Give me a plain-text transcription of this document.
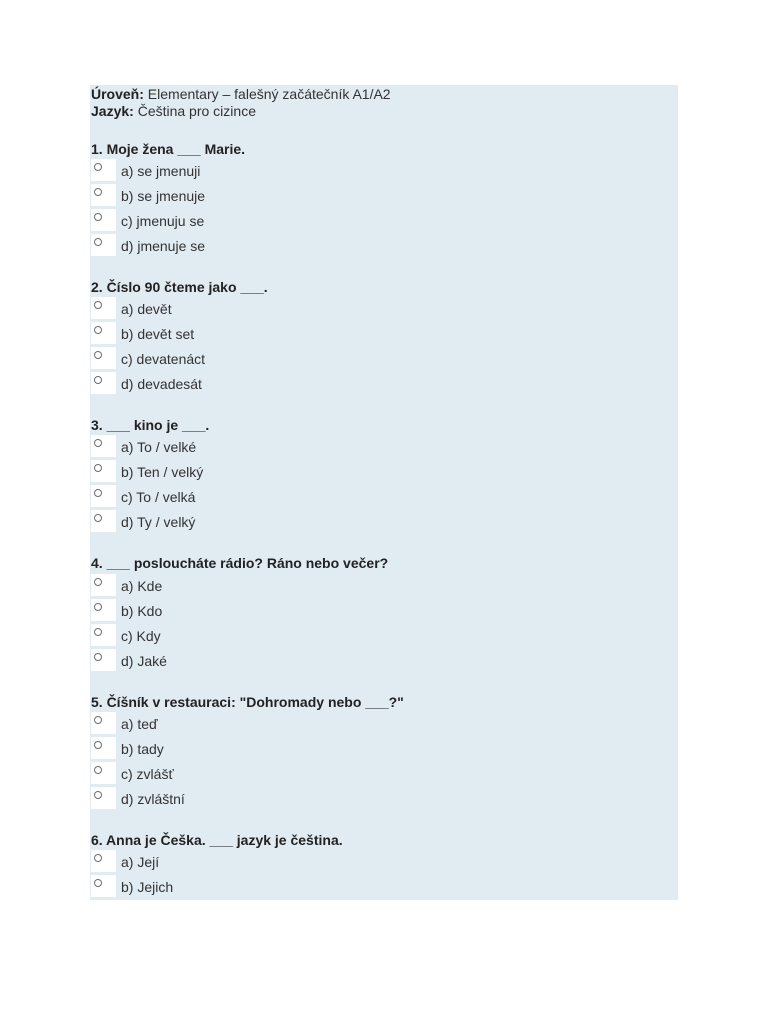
Úroveň: Elementary – falešný začátečník A1/A2
Jazyk: Čeština pro cizince
1. Moje žena ___ Marie.
a) se jmenuji
b) se jmenuje
c) jmenuju se
d) jmenuje se
2. Číslo 90 čteme jako ___.
a) devět
b) devět set
c) devatenáct
d) devadesát
3. ___ kino je ___.
a) To / velké
b) Ten / velký
c) To / velká
d) Ty / velký
4. ___ posloucháte rádio? Ráno nebo večer?
a) Kde
b) Kdo
c) Kdy
d) Jaké
5. Číšník v restauraci: "Dohromady nebo ___?"
a) teď
b) tady
c) zvlášť
d) zvláštní
6. Anna je Češka. ___ jazyk je čeština.
a) Její
b) Jejich
